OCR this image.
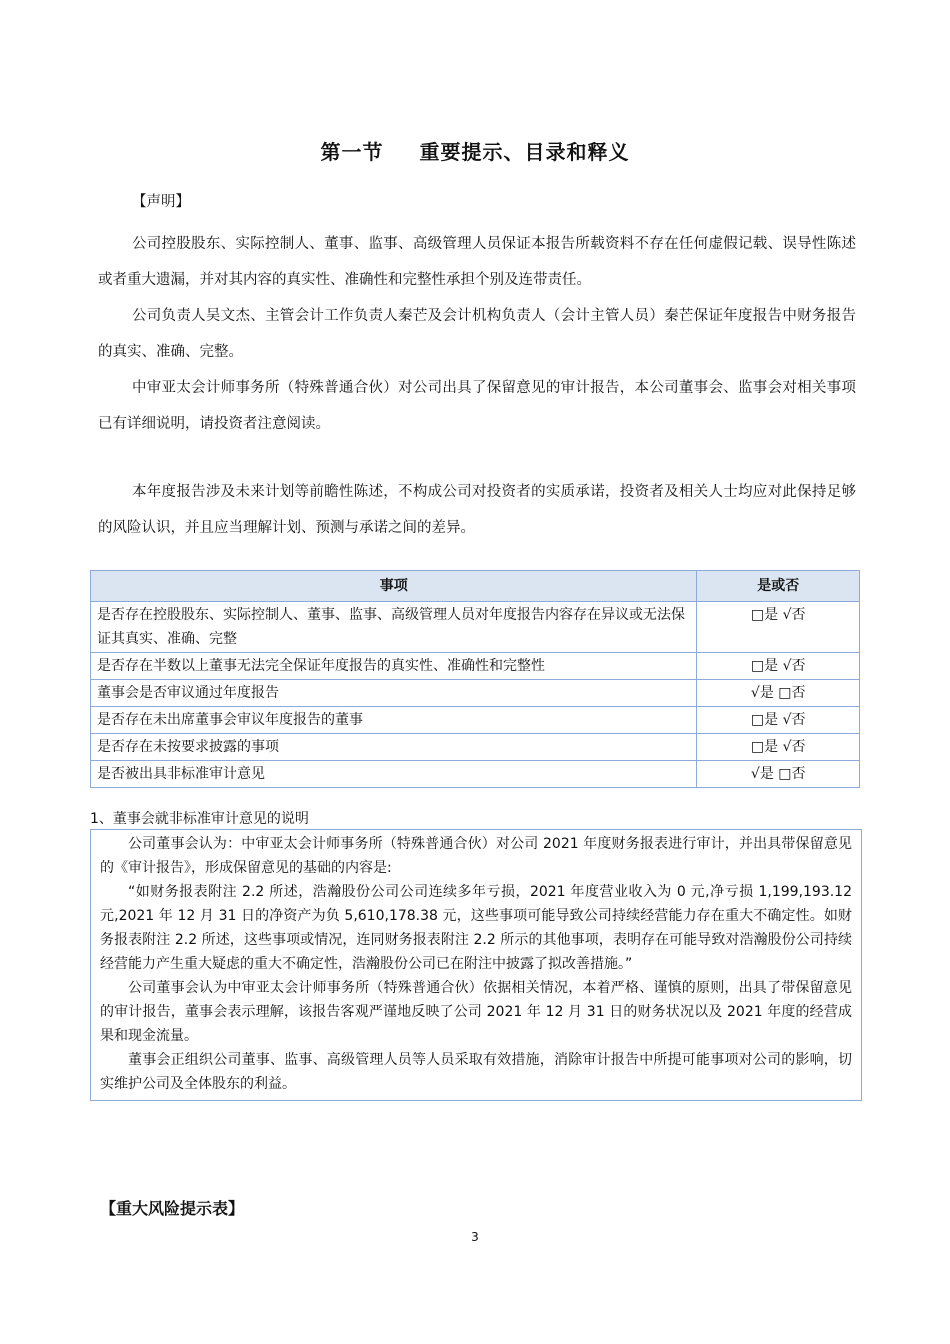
第一节 重要提示、目录和释义

【声明】

公司控股股东、实际控制人、董事、监事、高级管理人员保证本报告所载资料不存在任何虚假记载、误导性陈述或者重大遗漏，并对其内容的真实性、准确性和完整性承担个别及连带责任。

公司负责人吴文杰、主管会计工作负责人秦芒及会计机构负责人（会计主管人员）秦芒保证年度报告中财务报告的真实、准确、完整。

中审亚太会计师事务所（特殊普通合伙）对公司出具了保留意见的审计报告，本公司董事会、监事会对相关事项已有详细说明，请投资者注意阅读。

本年度报告涉及未来计划等前瞻性陈述，不构成公司对投资者的实质承诺，投资者及相关人士均应对此保持足够的风险认识，并且应当理解计划、预测与承诺之间的差异。

事项	是或否
是否存在控股股东、实际控制人、董事、监事、高级管理人员对年度报告内容存在异议或无法保证其真实、准确、完整	□是 √否
是否存在半数以上董事无法完全保证年度报告的真实性、准确性和完整性	□是 √否
董事会是否审议通过年度报告	√是 □否
是否存在未出席董事会审议年度报告的董事	□是 √否
是否存在未按要求披露的事项	□是 √否
是否被出具非标准审计意见	√是 □否

1、董事会就非标准审计意见的说明

公司董事会认为：中审亚太会计师事务所（特殊普通合伙）对公司 2021 年度财务报表进行审计，并出具带保留意见的《审计报告》，形成保留意见的基础的内容是:

“如财务报表附注 2.2 所述，浩瀚股份公司公司连续多年亏损，2021 年度营业收入为 0 元,净亏损 1,199,193.12 元,2021 年 12 月 31 日的净资产为负 5,610,178.38 元，这些事项可能导致公司持续经营能力存在重大不确定性。如财务报表附注 2.2 所述，这些事项或情况，连同财务报表附注 2.2 所示的其他事项，表明存在可能导致对浩瀚股份公司持续经营能力产生重大疑虑的重大不确定性，浩瀚股份公司已在附注中披露了拟改善措施。”

公司董事会认为中审亚太会计师事务所（特殊普通合伙）依据相关情况，本着严格、谨慎的原则，出具了带保留意见的审计报告，董事会表示理解，该报告客观严谨地反映了公司 2021 年 12 月 31 日的财务状况以及 2021 年度的经营成果和现金流量。

董事会正组织公司董事、监事、高级管理人员等人员采取有效措施，消除审计报告中所提可能事项对公司的影响，切实维护公司及全体股东的利益。

【重大风险提示表】

3
